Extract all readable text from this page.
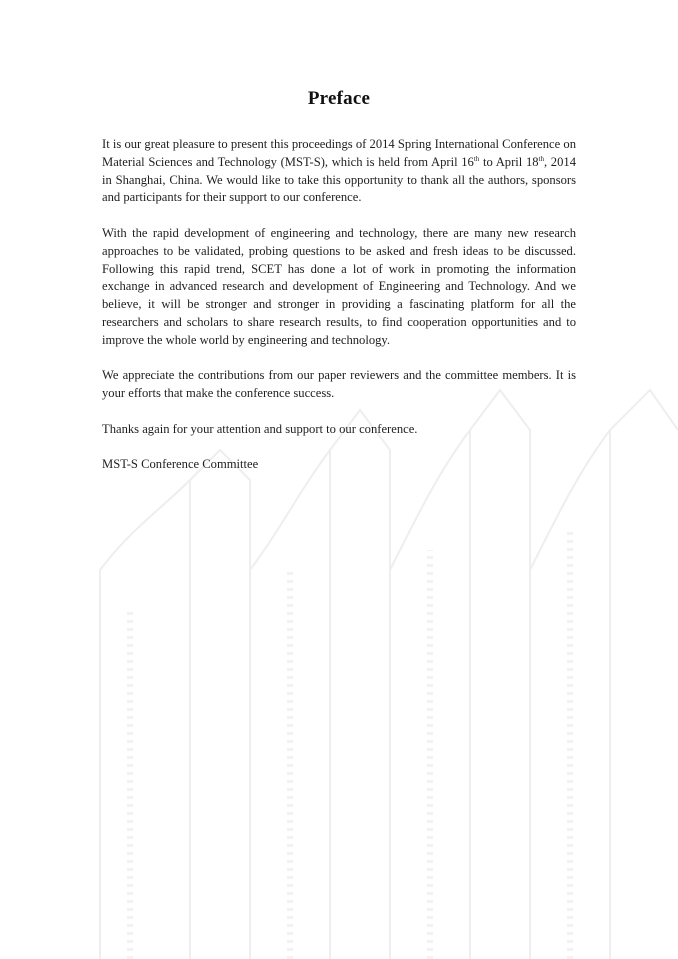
Preface

It is our great pleasure to present this proceedings of 2014 Spring International Conference on Material Sciences and Technology (MST-S), which is held from April 16th to April 18th, 2014 in Shanghai, China. We would like to take this opportunity to thank all the authors, sponsors and participants for their support to our conference.

With the rapid development of engineering and technology, there are many new research approaches to be validated, probing questions to be asked and fresh ideas to be discussed. Following this rapid trend, SCET has done a lot of work in promoting the information exchange in advanced research and development of Engineering and Technology. And we believe, it will be stronger and stronger in providing a fascinating platform for all the researchers and scholars to share research results, to find cooperation opportunities and to improve the whole world by engineering and technology.

We appreciate the contributions from our paper reviewers and the committee members. It is your efforts that make the conference success.

Thanks again for your attention and support to our conference.

MST-S Conference Committee
